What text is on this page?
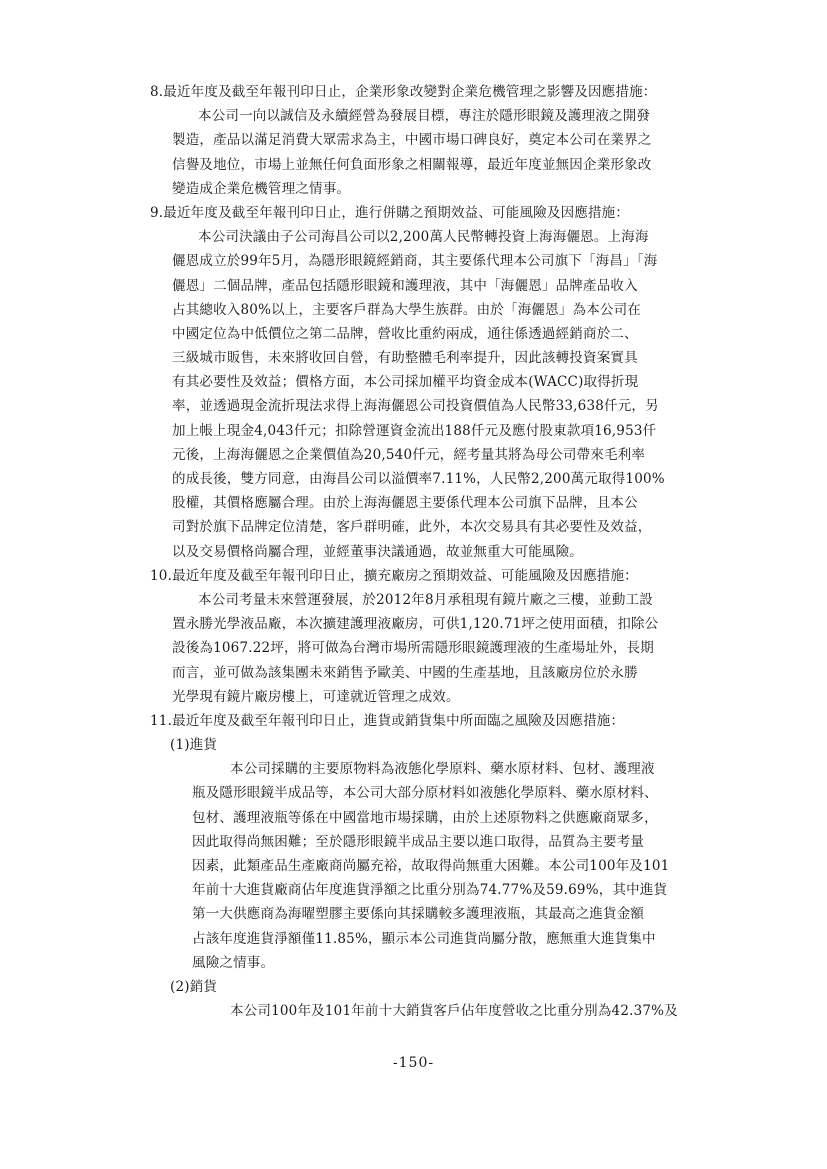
8.最近年度及截至年報刊印日止，企業形象改變對企業危機管理之影響及因應措施：
本公司一向以誠信及永續經營為發展目標，專注於隱形眼鏡及護理液之開發
製造，產品以滿足消費大眾需求為主，中國市場口碑良好，奠定本公司在業界之
信譽及地位，市場上並無任何負面形象之相關報導，最近年度並無因企業形象改
變造成企業危機管理之情事。
9.最近年度及截至年報刊印日止，進行併購之預期效益、可能風險及因應措施：
本公司決議由子公司海昌公司以2,200萬人民幣轉投資上海海儷恩。上海海
儷恩成立於99年5月，為隱形眼鏡經銷商，其主要係代理本公司旗下「海昌」「海
儷恩」二個品牌，產品包括隱形眼鏡和護理液，其中「海儷恩」品牌產品收入
占其總收入80%以上，主要客戶群為大學生族群。由於「海儷恩」為本公司在
中國定位為中低價位之第二品牌，營收比重約兩成，通往係透過經銷商於二、
三級城市販售，未來將收回自營，有助整體毛利率提升，因此該轉投資案實具
有其必要性及效益；價格方面，本公司採加權平均資金成本(WACC)取得折現
率，並透過現金流折現法求得上海海儷恩公司投資價值為人民幣33,638仟元，另
加上帳上現金4,043仟元；扣除營運資金流出188仟元及應付股東款項16,953仟
元後，上海海儷恩之企業價值為20,540仟元，經考量其將為母公司帶來毛利率
的成長後，雙方同意，由海昌公司以溢價率7.11%，人民幣2,200萬元取得100%
股權，其價格應屬合理。由於上海海儷恩主要係代理本公司旗下品牌，且本公
司對於旗下品牌定位清楚，客戶群明確，此外，本次交易具有其必要性及效益，
以及交易價格尚屬合理，並經董事決議通過，故並無重大可能風險。
10.最近年度及截至年報刊印日止，擴充廠房之預期效益、可能風險及因應措施：
本公司考量未來營運發展，於2012年8月承租現有鏡片廠之三樓，並動工設
置永勝光學液品廠，本次擴建護理液廠房，可供1,120.71坪之使用面積，扣除公
設後為1067.22坪，將可做為台灣市場所需隱形眼鏡護理液的生產場址外，長期
而言，並可做為該集團未來銷售予歐美、中國的生產基地，且該廠房位於永勝
光學現有鏡片廠房樓上，可達就近管理之成效。
11.最近年度及截至年報刊印日止，進貨或銷貨集中所面臨之風險及因應措施：
(1)進貨
本公司採購的主要原物料為液態化學原料、藥水原材料、包材、護理液
瓶及隱形眼鏡半成品等，本公司大部分原材料如液態化學原料、藥水原材料、
包材、護理液瓶等係在中國當地市場採購，由於上述原物料之供應廠商眾多，
因此取得尚無困難；至於隱形眼鏡半成品主要以進口取得，品質為主要考量
因素，此類產品生產廠商尚屬充裕，故取得尚無重大困難。本公司100年及101
年前十大進貨廠商佔年度進貨淨額之比重分別為74.77%及59.69%，其中進貨
第一大供應商為海曜塑膠主要係向其採購較多護理液瓶，其最高之進貨金額
占該年度進貨淨額僅11.85%，顯示本公司進貨尚屬分散，應無重大進貨集中
風險之情事。
(2)銷貨
本公司100年及101年前十大銷貨客戶佔年度營收之比重分別為42.37%及
-150-
